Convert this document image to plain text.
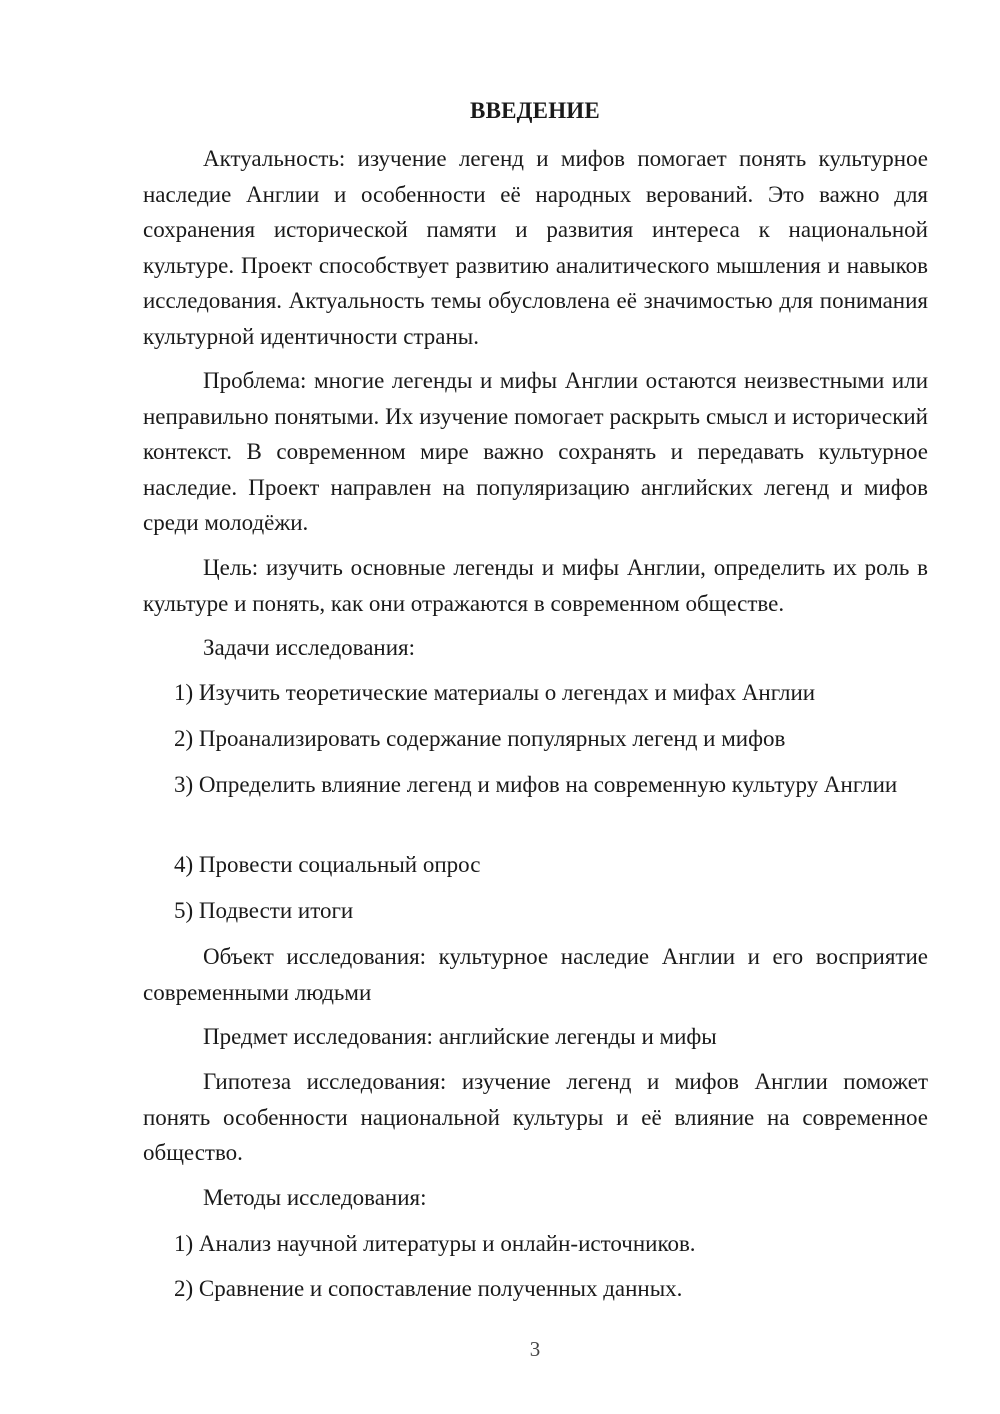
ВВЕДЕНИЕ

Актуальность: изучение легенд и мифов помогает понять культурное наследие Англии и особенности её народных верований. Это важно для сохранения исторической памяти и развития интереса к национальной культуре. Проект способствует развитию аналитического мышления и навыков исследования. Актуальность темы обусловлена её значимостью для понимания культурной идентичности страны.

Проблема: многие легенды и мифы Англии остаются неизвестными или неправильно понятыми. Их изучение помогает раскрыть смысл и исторический контекст. В современном мире важно сохранять и передавать культурное наследие. Проект направлен на популяризацию английских легенд и мифов среди молодёжи.

Цель: изучить основные легенды и мифы Англии, определить их роль в культуре и понять, как они отражаются в современном обществе.

Задачи исследования:

1) Изучить теоретические материалы о легендах и мифах Англии

2) Проанализировать содержание популярных легенд и мифов

3) Определить влияние легенд и мифов на современную культуру Англии

4) Провести социальный опрос

5) Подвести итоги

Объект исследования: культурное наследие Англии и его восприятие современными людьми

Предмет исследования: английские легенды и мифы

Гипотеза исследования: изучение легенд и мифов Англии поможет понять особенности национальной культуры и её влияние на современное общество.

Методы исследования:

1) Анализ научной литературы и онлайн-источников.

2) Сравнение и сопоставление полученных данных.

3
